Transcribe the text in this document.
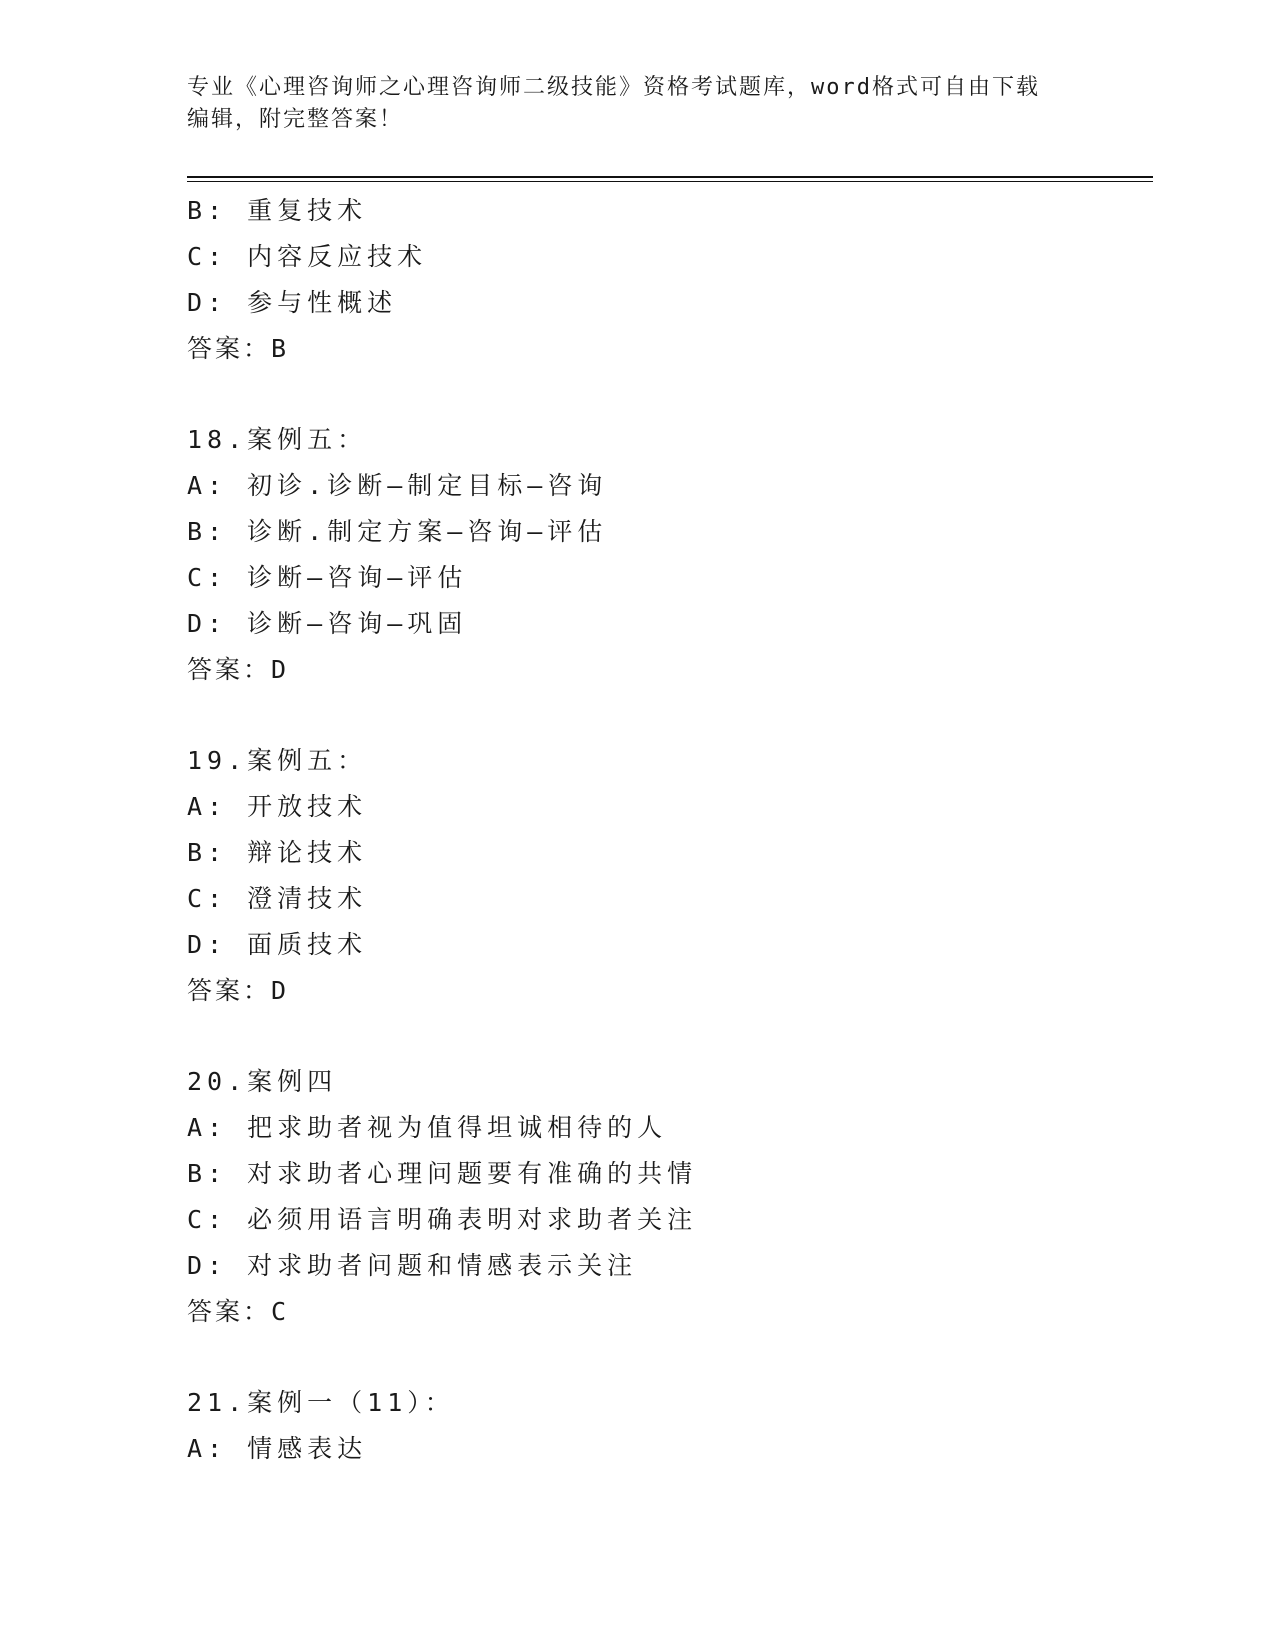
专业《心理咨询师之心理咨询师二级技能》资格考试题库，word格式可自由下载
编辑，附完整答案！
B: 重复技术
C: 内容反应技术
D: 参与性概述
答案：B
18.案例五：
A: 初诊.诊断—制定目标—咨询
B: 诊断.制定方案—咨询—评估
C: 诊断—咨询—评估
D: 诊断—咨询—巩固
答案：D
19.案例五：
A: 开放技术
B: 辩论技术
C: 澄清技术
D: 面质技术
答案：D
20.案例四
A: 把求助者视为值得坦诚相待的人
B: 对求助者心理问题要有准确的共情
C: 必须用语言明确表明对求助者关注
D: 对求助者问题和情感表示关注
答案：C
21.案例一（11）：
A: 情感表达
